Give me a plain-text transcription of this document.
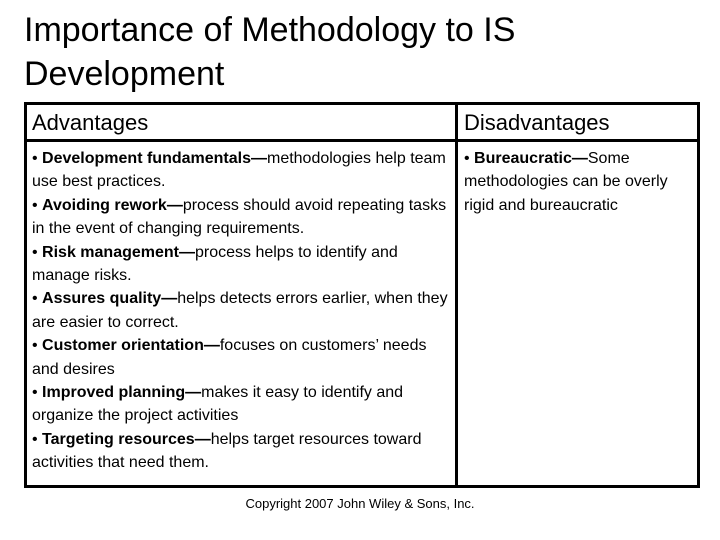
Importance of Methodology to IS
Development
Advantages	Disadvantages
• Development fundamentals—methodologies help team use best practices.
• Avoiding rework—process should avoid repeating tasks in the event of changing requirements.
• Risk management—process helps to identify and manage risks.
• Assures quality—helps detects errors earlier, when they are easier to correct.
• Customer orientation—focuses on customers’ needs and desires
• Improved planning—makes it easy to identify and organize the project activities
• Targeting resources—helps target resources toward activities that need them.
• Bureaucratic—Some methodologies can be overly rigid and bureaucratic
Copyright 2007 John Wiley & Sons, Inc.
